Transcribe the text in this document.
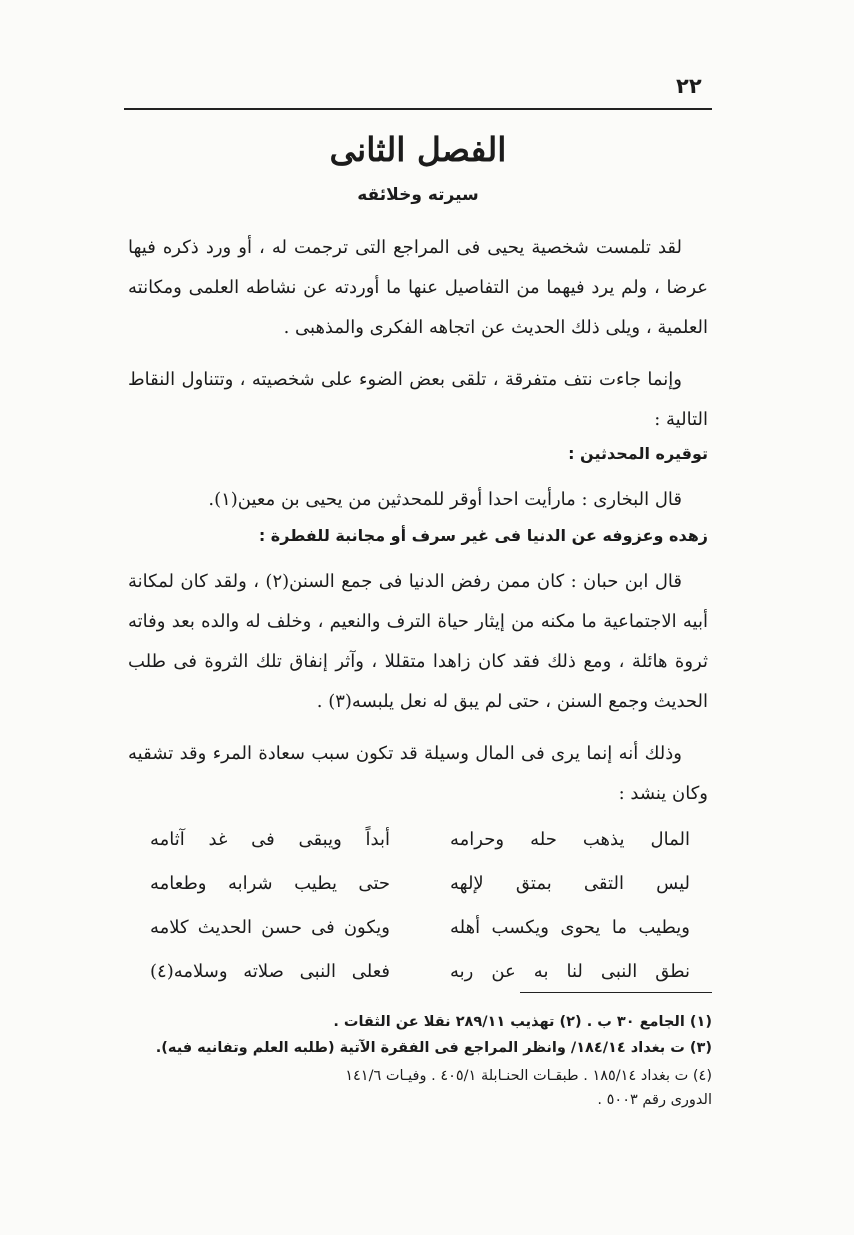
٢٢
الفصل الثانى
سيرته وخلائقه
لقد تلمست شخصية يحيى فى المراجع التى ترجمت له ، أو ورد ذكره فيها عرضا ، ولم يرد فيهما من التفاصيل عنها ما أوردته عن نشاطه العلمى ومكانته العلمية ، ويلى ذلك الحديث عن اتجاهه الفكرى والمذهبى .
وإنما جاءت نتف متفرقة ، تلقى بعض الضوء على شخصيته ، وتتناول النقاط التالية :
توقيره المحدثين :
قال البخارى : مارأيت احدا أوقر للمحدثين من يحيى بن معين(١).
زهده وعزوفه عن الدنيا فى غير سرف أو مجانبة للفطرة :
قال ابن حبان : كان ممن رفض الدنيا فى جمع السنن(٢) ، ولقد كان لمكانة أبيه الاجتماعية ما مكنه من إيثار حياة الترف والنعيم ، وخلف له والده بعد وفاته ثروة هائلة ، ومع ذلك فقد كان زاهدا متقللا ، وآثر إنفاق تلك الثروة فى طلب الحديث وجمع السنن ، حتى لم يبق له نعل يلبسه(٣) .
وذلك أنه إنما يرى فى المال وسيلة قد تكون سبب سعادة المرء وقد تشقيه وكان ينشد :
المال يذهب حله وحرامه
أبداً ويبقى فى غد آثامه
ليس التقى بمتق لإلهه
حتى يطيب شرابه وطعامه
ويطيب ما يحوى ويكسب أهله
ويكون فى حسن الحديث كلامه
نطق النبى لنا به عن ربه
فعلى النبى صلاته وسلامه(٤)
(١) الجامع ٣٠ ب . (٢) تهذيب ٢٨٩/١١ نقلا عن الثقات .
(٣) ت بغداد ١٨٤/١٤/ وانظر المراجع فى الفقرة الآتية (طلبه العلم وتفانيه فيه).
(٤) ت بغداد ١٨٥/١٤ . طبقـات الحنـابلة ٤٠٥/١ . وفيـات ١٤١/٦
الدورى رقم ٥٠٠٣ .
